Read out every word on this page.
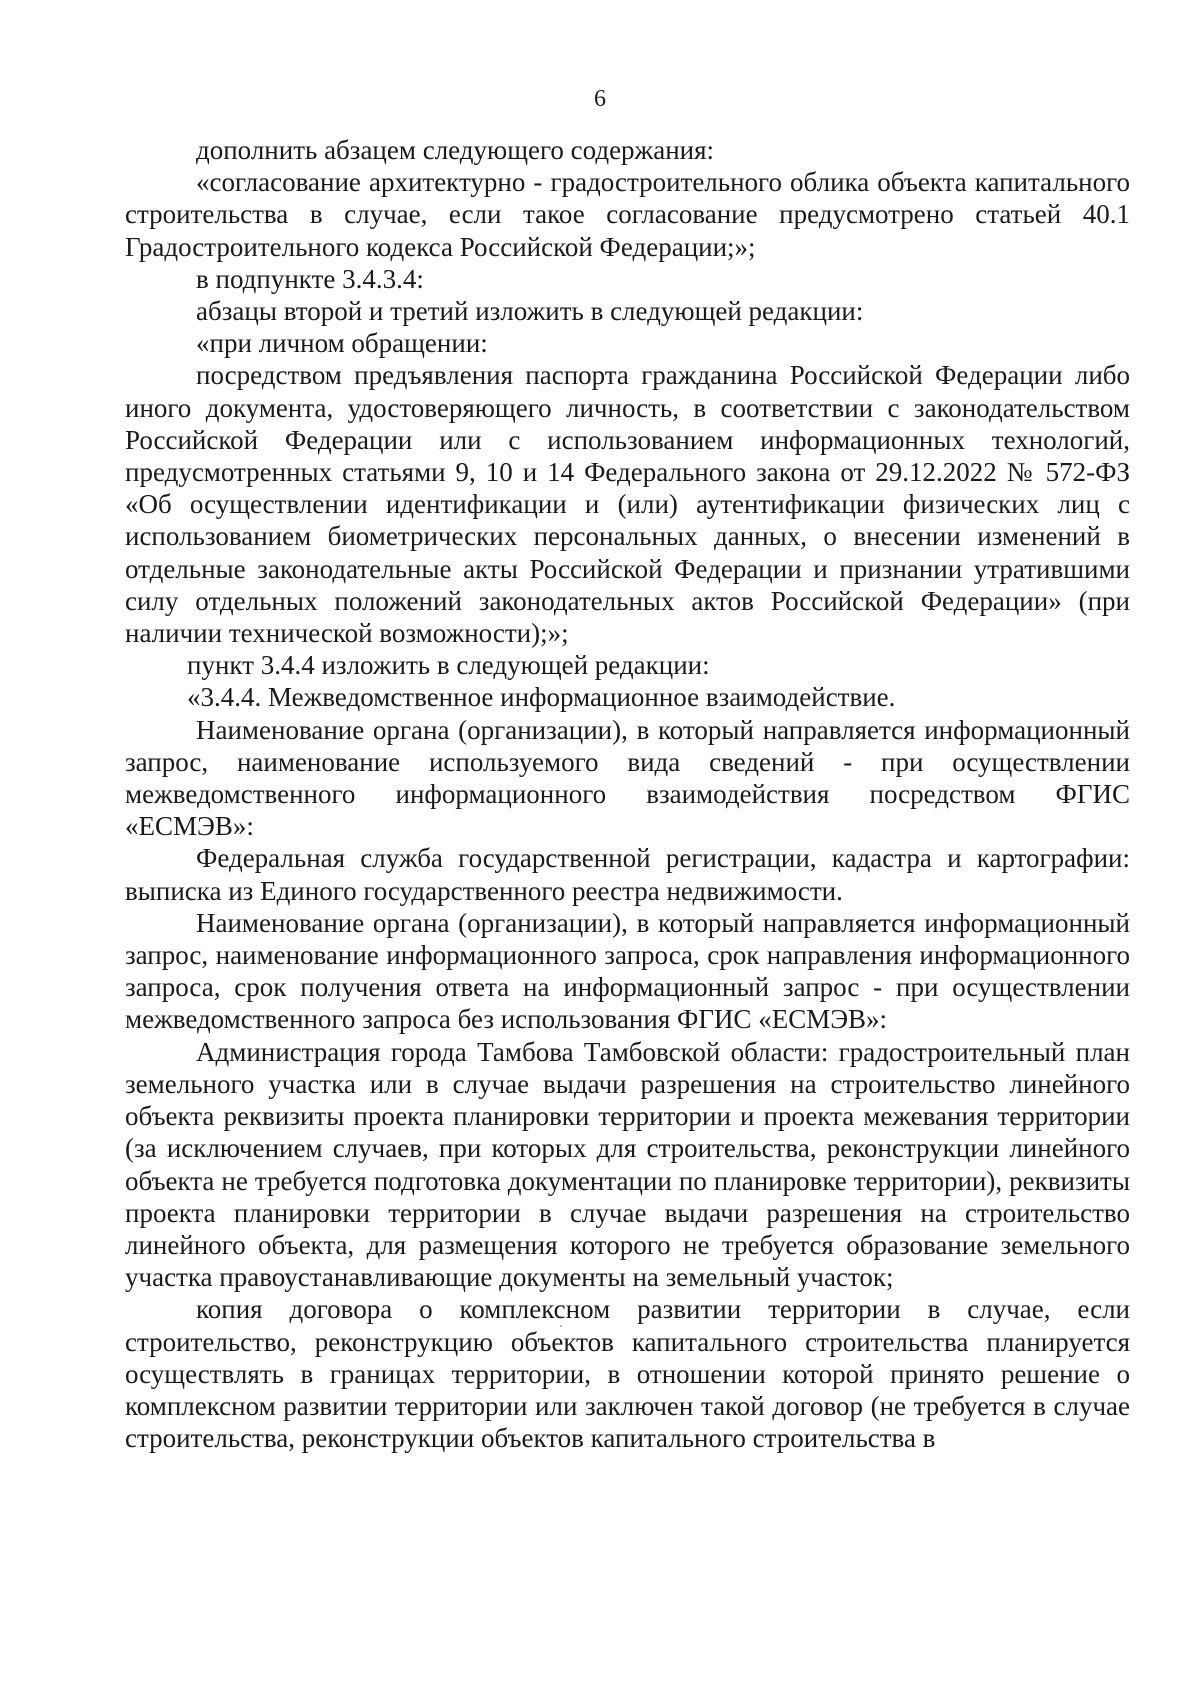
6

дополнить абзацем следующего содержания:

«согласование архитектурно - градостроительного облика объекта капитального строительства в случае, если такое согласование предусмотрено статьей 40.1 Градостроительного кодекса Российской Федерации;»;

в подпункте 3.4.3.4:

абзацы второй и третий изложить в следующей редакции:

«при личном обращении:

посредством предъявления паспорта гражданина Российской Федерации либо иного документа, удостоверяющего личность, в соответствии с законодательством Российской Федерации или с использованием информационных технологий, предусмотренных статьями 9, 10 и 14 Федерального закона от 29.12.2022 № 572-ФЗ «Об осуществлении идентификации и (или) аутентификации физических лиц с использованием биометрических персональных данных, о внесении изменений в отдельные законодательные акты Российской Федерации и признании утратившими силу отдельных положений законодательных актов Российской Федерации» (при наличии технической возможности);»;

пункт 3.4.4 изложить в следующей редакции:

«3.4.4. Межведомственное информационное взаимодействие.

Наименование органа (организации), в который направляется информационный запрос, наименование используемого вида сведений - при осуществлении межведомственного информационного взаимодействия посредством ФГИС «ЕСМЭВ»:

Федеральная служба государственной регистрации, кадастра и картографии: выписка из Единого государственного реестра недвижимости.

Наименование органа (организации), в который направляется информационный запрос, наименование информационного запроса, срок направления информационного запроса, срок получения ответа на информационный запрос - при осуществлении межведомственного запроса без использования ФГИС «ЕСМЭВ»:

Администрация города Тамбова Тамбовской области: градостроительный план земельного участка или в случае выдачи разрешения на строительство линейного объекта реквизиты проекта планировки территории и проекта межевания территории (за исключением случаев, при которых для строительства, реконструкции линейного объекта не требуется подготовка документации по планировке территории), реквизиты проекта планировки территории в случае выдачи разрешения на строительство линейного объекта, для размещения которого не требуется образование земельного участка правоустанавливающие документы на земельный участок;

копия договора о комплексном развитии территории в случае, если строительство, реконструкцию объектов капитального строительства планируется осуществлять в границах территории, в отношении которой принято решение о комплексном развитии территории или заключен такой договор (не требуется в случае строительства, реконструкции объектов капитального строительства в
